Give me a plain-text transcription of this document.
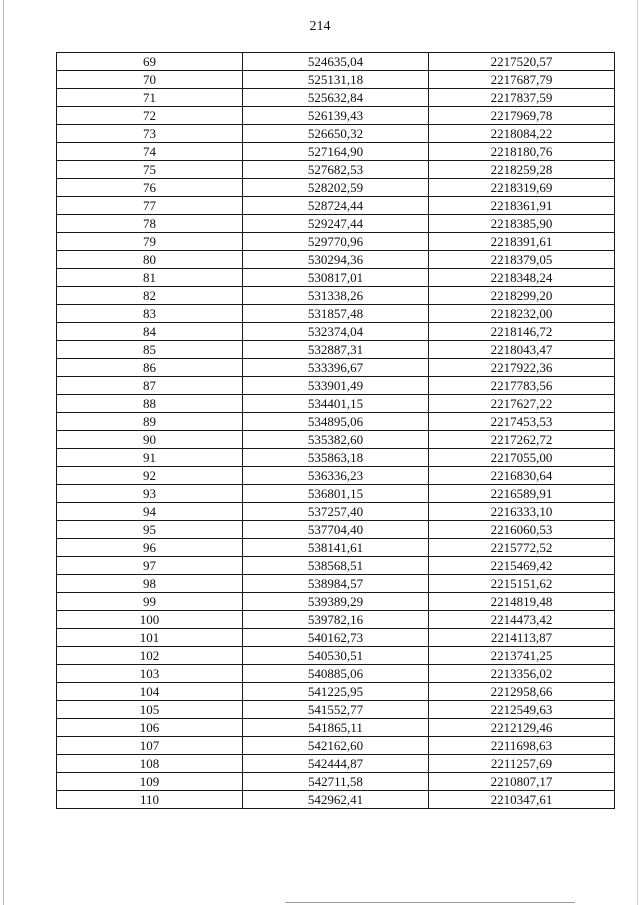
214
69	524635,04	2217520,57
70	525131,18	2217687,79
71	525632,84	2217837,59
72	526139,43	2217969,78
73	526650,32	2218084,22
74	527164,90	2218180,76
75	527682,53	2218259,28
76	528202,59	2218319,69
77	528724,44	2218361,91
78	529247,44	2218385,90
79	529770,96	2218391,61
80	530294,36	2218379,05
81	530817,01	2218348,24
82	531338,26	2218299,20
83	531857,48	2218232,00
84	532374,04	2218146,72
85	532887,31	2218043,47
86	533396,67	2217922,36
87	533901,49	2217783,56
88	534401,15	2217627,22
89	534895,06	2217453,53
90	535382,60	2217262,72
91	535863,18	2217055,00
92	536336,23	2216830,64
93	536801,15	2216589,91
94	537257,40	2216333,10
95	537704,40	2216060,53
96	538141,61	2215772,52
97	538568,51	2215469,42
98	538984,57	2215151,62
99	539389,29	2214819,48
100	539782,16	2214473,42
101	540162,73	2214113,87
102	540530,51	2213741,25
103	540885,06	2213356,02
104	541225,95	2212958,66
105	541552,77	2212549,63
106	541865,11	2212129,46
107	542162,60	2211698,63
108	542444,87	2211257,69
109	542711,58	2210807,17
110	542962,41	2210347,61
